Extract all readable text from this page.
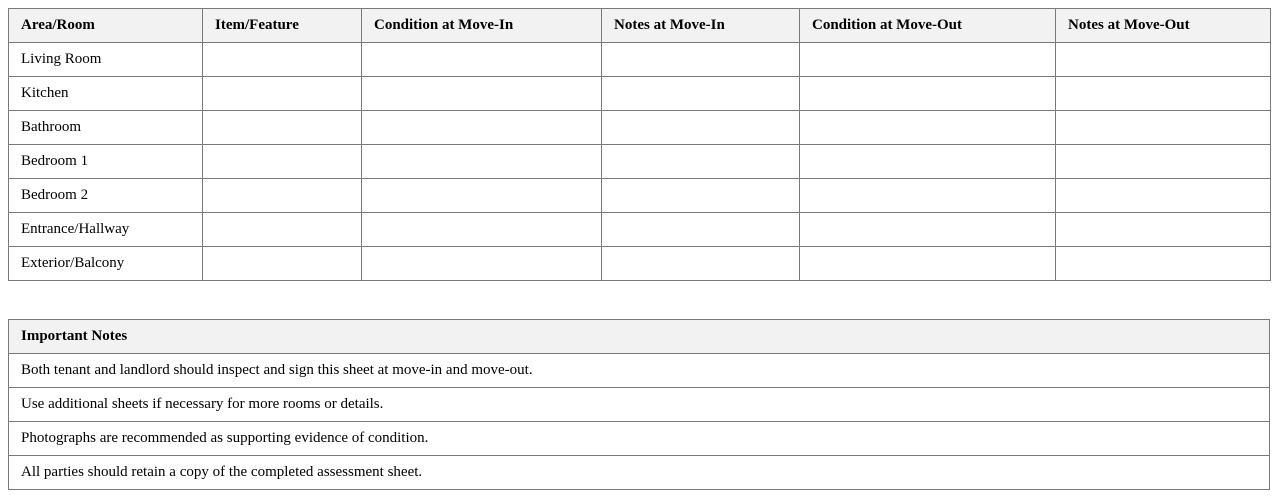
Area/Room	Item/Feature	Condition at Move-In	Notes at Move-In	Condition at Move-Out	Notes at Move-Out
Living Room					
Kitchen					
Bathroom					
Bedroom 1					
Bedroom 2					
Entrance/Hallway					
Exterior/Balcony					
Important Notes
Both tenant and landlord should inspect and sign this sheet at move-in and move-out.
Use additional sheets if necessary for more rooms or details.
Photographs are recommended as supporting evidence of condition.
All parties should retain a copy of the completed assessment sheet.
